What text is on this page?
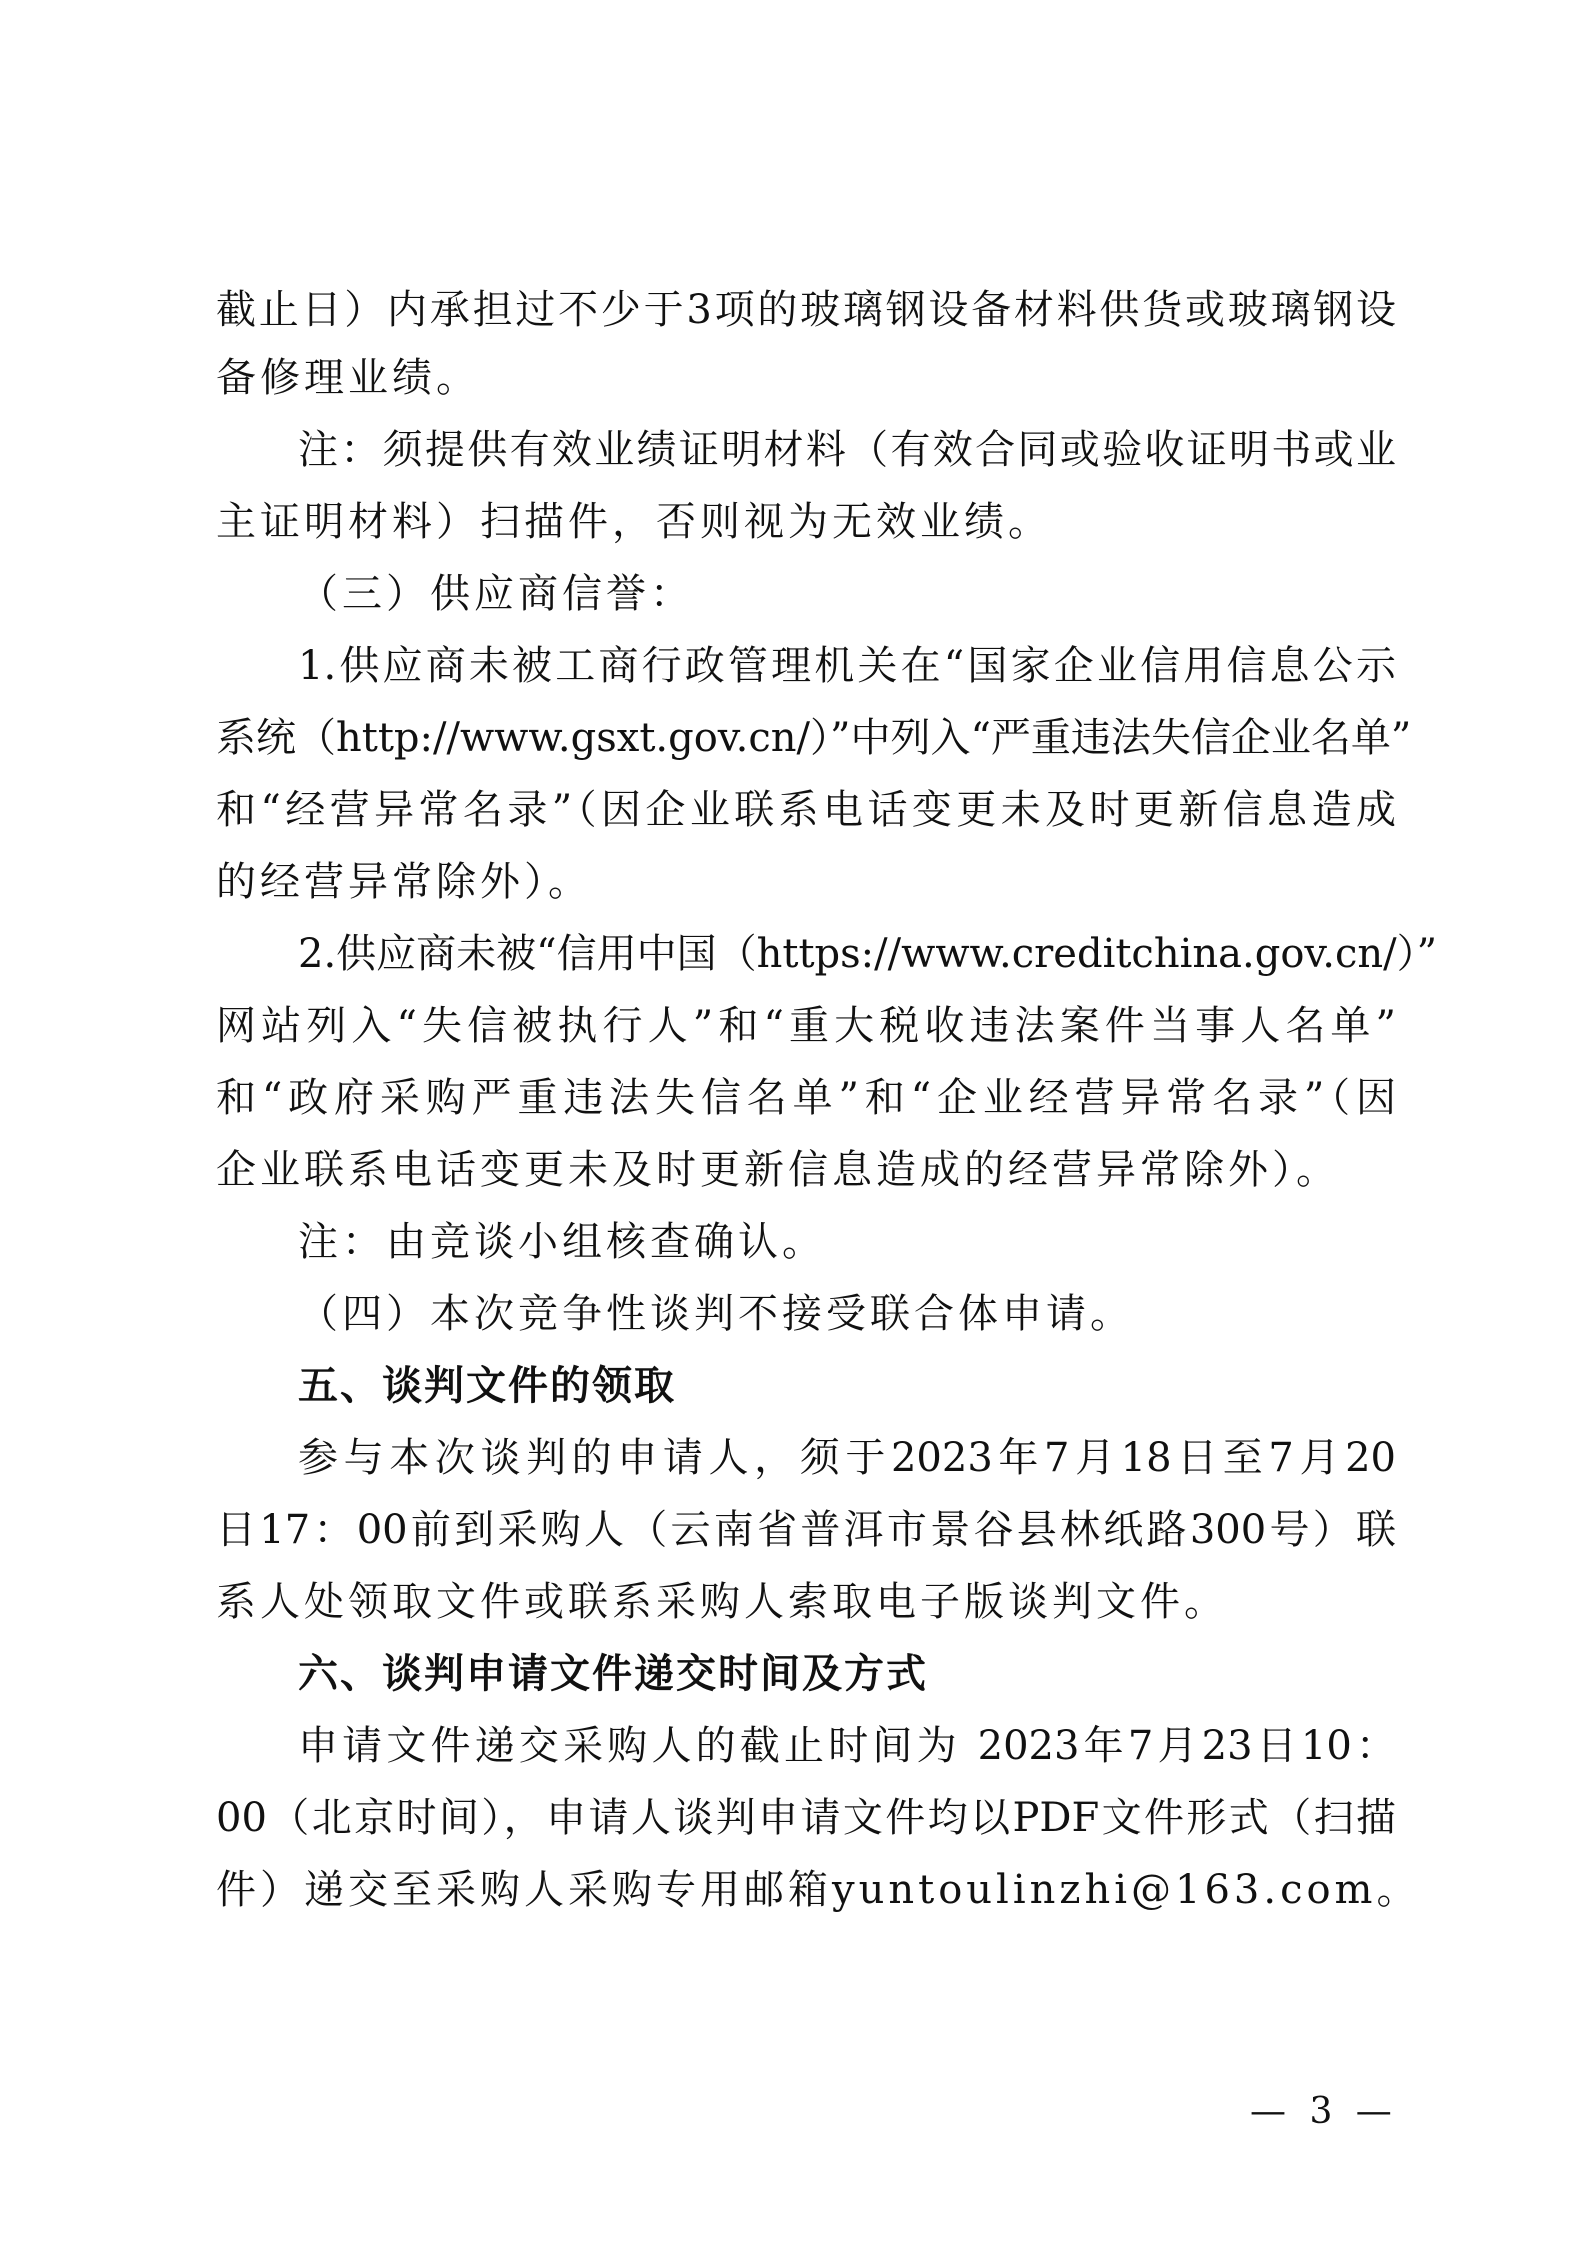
截止日）内承担过不少于3项的玻璃钢设备材料供货或玻璃钢设
备修理业绩。
注：须提供有效业绩证明材料（有效合同或验收证明书或业
主证明材料）扫描件，否则视为无效业绩。
（三）供应商信誉：
1.供应商未被工商行政管理机关在“国家企业信用信息公示
系统（http://www.gsxt.gov.cn/）”中列入“严重违法失信企业名单”
和“经营异常名录”（因企业联系电话变更未及时更新信息造成
的经营异常除外）。
2.供应商未被“信用中国（https://www.creditchina.gov.cn/）”
网站列入“失信被执行人”和“重大税收违法案件当事人名单”
和“政府采购严重违法失信名单”和“企业经营异常名录”（因
企业联系电话变更未及时更新信息造成的经营异常除外）。
注：由竞谈小组核查确认。
（四）本次竞争性谈判不接受联合体申请。
五、谈判文件的领取
参与本次谈判的申请人，须于2023年7月18日至7月20
日17：00前到采购人（云南省普洱市景谷县林纸路300号）联
系人处领取文件或联系采购人索取电子版谈判文件。
六、谈判申请文件递交时间及方式
申请文件递交采购人的截止时间为 2023年7月23日10：
00（北京时间），申请人谈判申请文件均以PDF文件形式（扫描
件）递交至采购人采购专用邮箱yuntoulinzhi@163.com。
— 3 —
